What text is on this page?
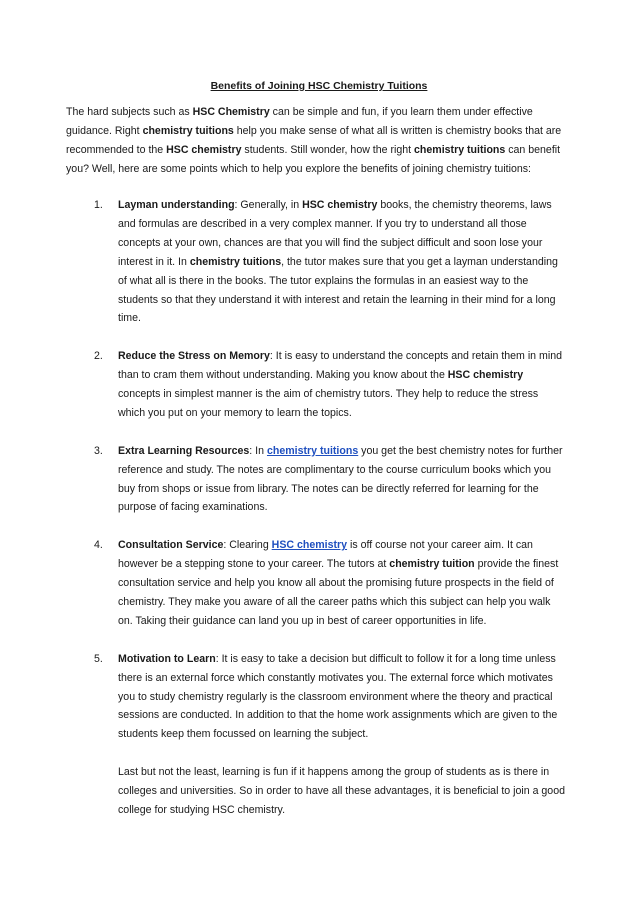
Benefits of Joining HSC Chemistry Tuitions

The hard subjects such as HSC Chemistry can be simple and fun, if you learn them under effective guidance. Right chemistry tuitions help you make sense of what all is written is chemistry books that are recommended to the HSC chemistry students. Still wonder, how the right chemistry tuitions can benefit you? Well, here are some points which to help you explore the benefits of joining chemistry tuitions:

1.	Layman understanding: Generally, in HSC chemistry books, the chemistry theorems, laws and formulas are described in a very complex manner. If you try to understand all those concepts at your own, chances are that you will find the subject difficult and soon lose your interest in it. In chemistry tuitions, the tutor makes sure that you get a layman understanding of what all is there in the books. The tutor explains the formulas in an easiest way to the students so that they understand it with interest and retain the learning in their mind for a long time.
2.	Reduce the Stress on Memory: It is easy to understand the concepts and retain them in mind than to cram them without understanding. Making you know about the HSC chemistry concepts in simplest manner is the aim of chemistry tutors. They help to reduce the stress which you put on your memory to learn the topics.
3.	Extra Learning Resources: In chemistry tuitions you get the best chemistry notes for further reference and study. The notes are complimentary to the course curriculum books which you buy from shops or issue from library. The notes can be directly referred for learning for the purpose of facing examinations.
4.	Consultation Service: Clearing HSC chemistry is off course not your career aim. It can however be a stepping stone to your career. The tutors at chemistry tuition provide the finest consultation service and help you know all about the promising future prospects in the field of chemistry. They make you aware of all the career paths which this subject can help you walk on. Taking their guidance can land you up in best of career opportunities in life.
5.	Motivation to Learn: It is easy to take a decision but difficult to follow it for a long time unless there is an external force which constantly motivates you. The external force which motivates you to study chemistry regularly is the classroom environment where the theory and practical sessions are conducted. In addition to that the home work assignments which are given to the students keep them focussed on learning the subject.
Last but not the least, learning is fun if it happens among the group of students as is there in colleges and universities. So in order to have all these advantages, it is beneficial to join a good college for studying HSC chemistry.
